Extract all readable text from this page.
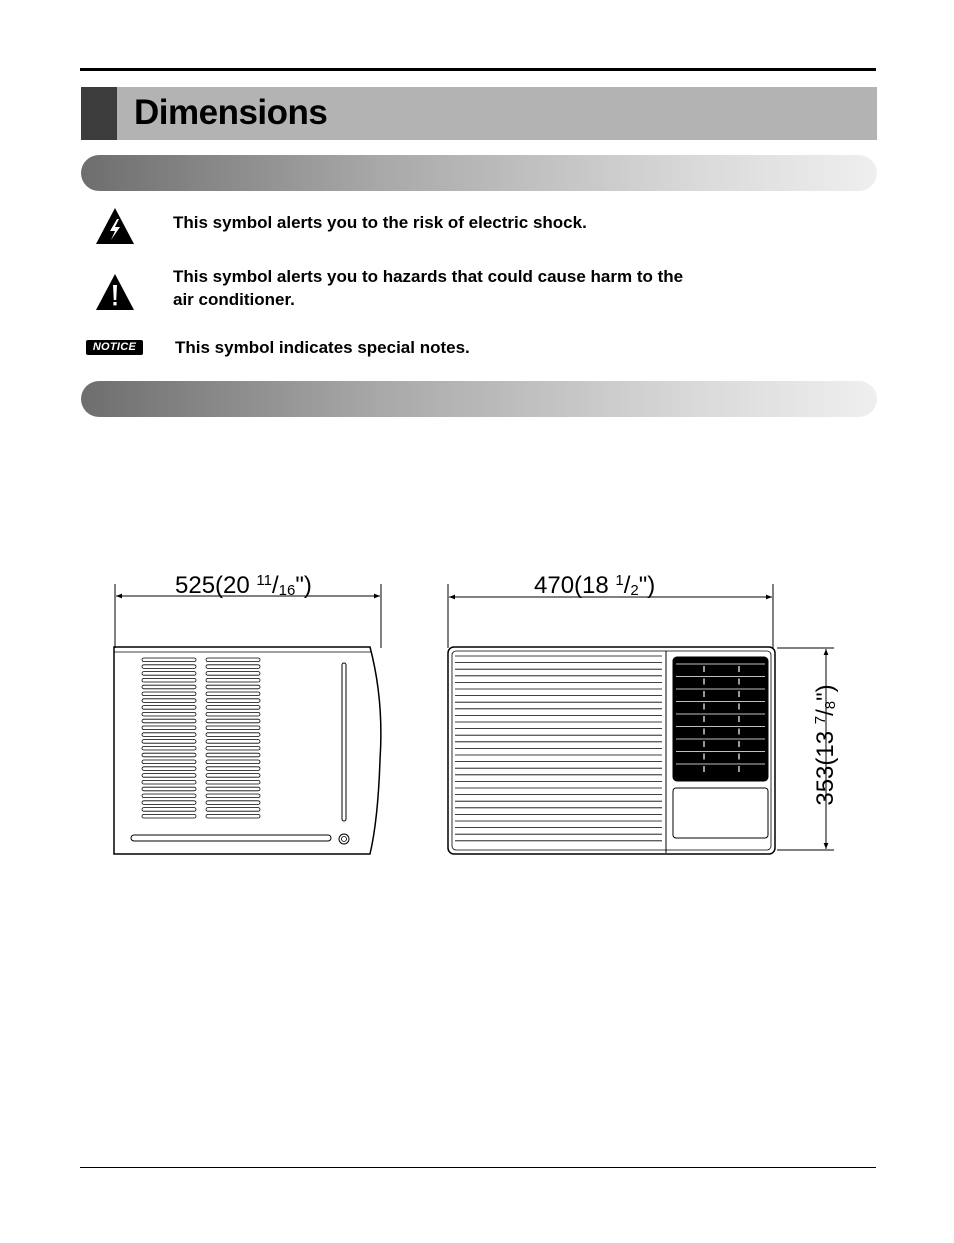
Dimensions
This symbol alerts you to the risk of electric shock.
This symbol alerts you to hazards that could cause harm to the
air conditioner.
NOTICE	This symbol indicates special notes.
525(20 $^{11}$/16")	470(18 $^1$/2")
353(13 $^7$/8")
